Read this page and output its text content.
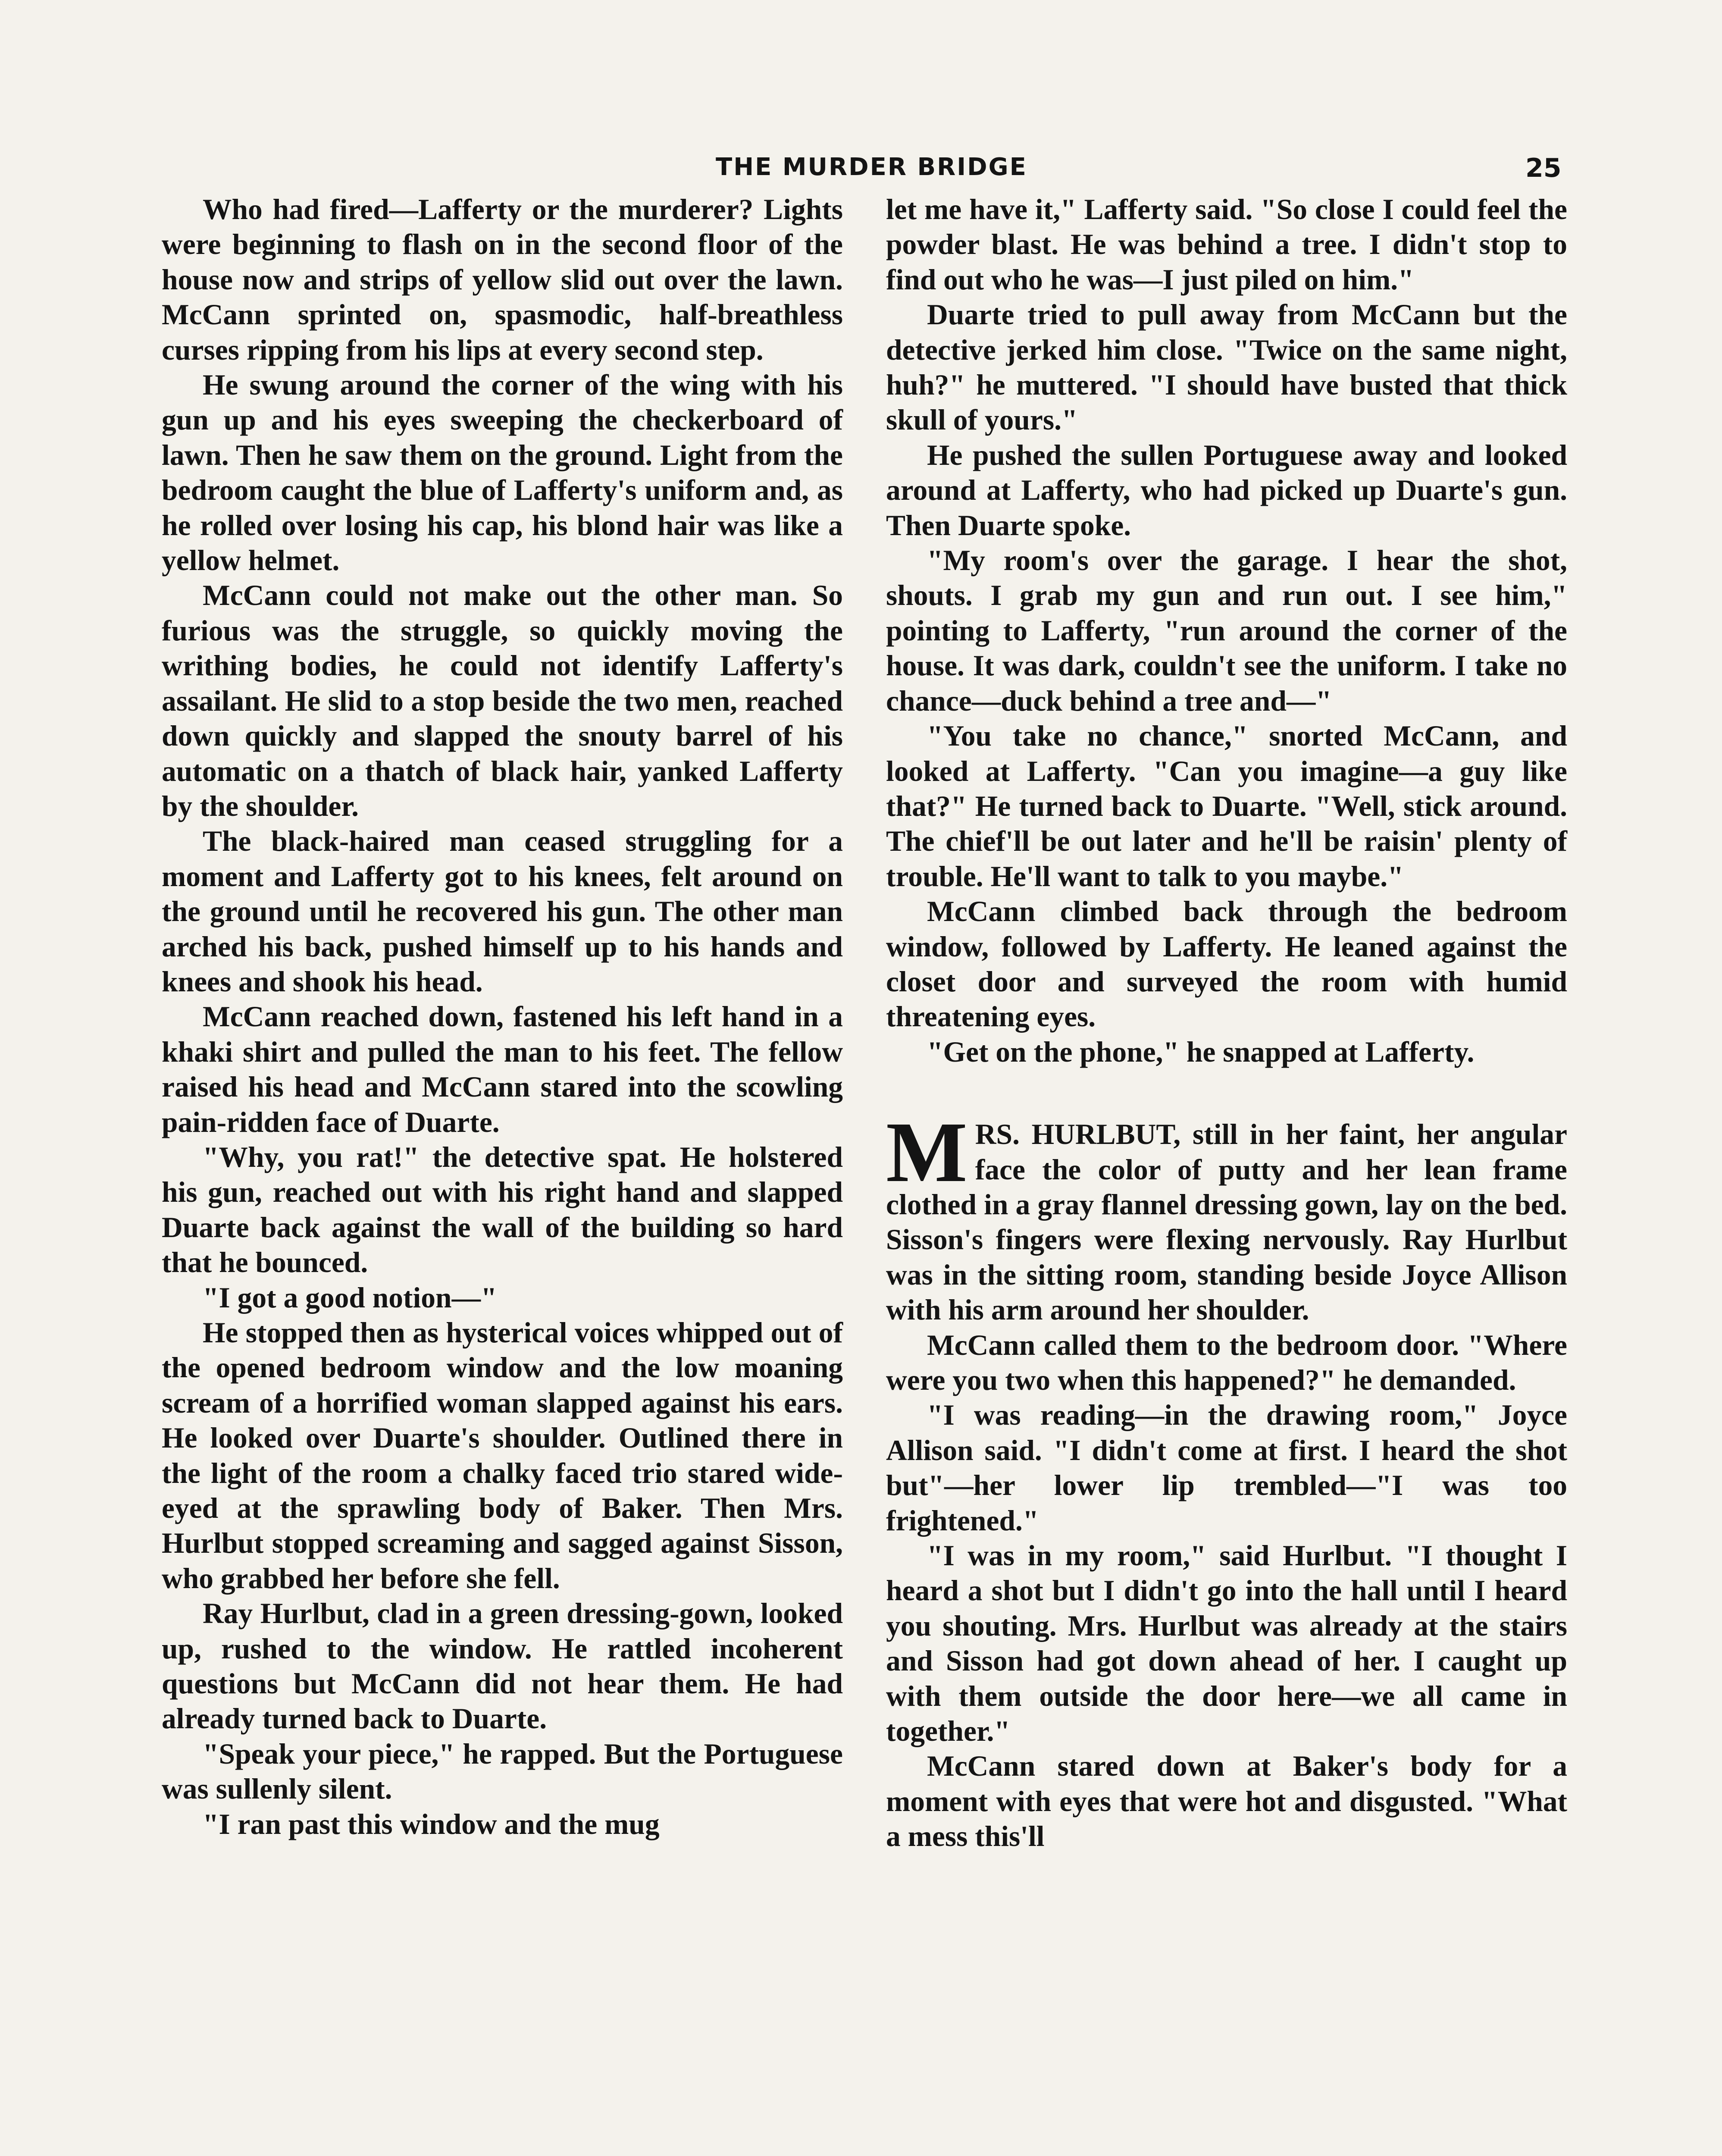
THE MURDER BRIDGE	25

Who had fired—Lafferty or the murderer? Lights were beginning to flash on in the second floor of the house now and strips of yellow slid out over the lawn. McCann sprinted on, spasmodic, half-breathless curses ripping from his lips at every second step.

He swung around the corner of the wing with his gun up and his eyes sweeping the checkerboard of lawn. Then he saw them on the ground. Light from the bedroom caught the blue of Lafferty's uniform and, as he rolled over losing his cap, his blond hair was like a yellow helmet.

McCann could not make out the other man. So furious was the struggle, so quickly moving the writhing bodies, he could not identify Lafferty's assailant. He slid to a stop beside the two men, reached down quickly and slapped the snouty barrel of his automatic on a thatch of black hair, yanked Lafferty by the shoulder.

The black-haired man ceased struggling for a moment and Lafferty got to his knees, felt around on the ground until he recovered his gun. The other man arched his back, pushed himself up to his hands and knees and shook his head.

McCann reached down, fastened his left hand in a khaki shirt and pulled the man to his feet. The fellow raised his head and McCann stared into the scowling pain-ridden face of Duarte.

"Why, you rat!" the detective spat. He holstered his gun, reached out with his right hand and slapped Duarte back against the wall of the building so hard that he bounced.

"I got a good notion—"

He stopped then as hysterical voices whipped out of the opened bedroom window and the low moaning scream of a horrified woman slapped against his ears. He looked over Duarte's shoulder. Outlined there in the light of the room a chalky faced trio stared wide-eyed at the sprawling body of Baker. Then Mrs. Hurlbut stopped screaming and sagged against Sisson, who grabbed her before she fell.

Ray Hurlbut, clad in a green dressing-gown, looked up, rushed to the window. He rattled incoherent questions but McCann did not hear them. He had already turned back to Duarte.

"Speak your piece," he rapped. But the Portuguese was sullenly silent.

"I ran past this window and the mug

let me have it," Lafferty said. "So close I could feel the powder blast. He was behind a tree. I didn't stop to find out who he was—I just piled on him."

Duarte tried to pull away from McCann but the detective jerked him close. "Twice on the same night, huh?" he muttered. "I should have busted that thick skull of yours."

He pushed the sullen Portuguese away and looked around at Lafferty, who had picked up Duarte's gun. Then Duarte spoke.

"My room's over the garage. I hear the shot, shouts. I grab my gun and run out. I see him," pointing to Lafferty, "run around the corner of the house. It was dark, couldn't see the uniform. I take no chance—duck behind a tree and—"

"You take no chance," snorted McCann, and looked at Lafferty. "Can you imagine—a guy like that?" He turned back to Duarte. "Well, stick around. The chief'll be out later and he'll be raisin' plenty of trouble. He'll want to talk to you maybe."

McCann climbed back through the bedroom window, followed by Lafferty. He leaned against the closet door and surveyed the room with humid threatening eyes.

"Get on the phone," he snapped at Lafferty.

MRS. HURLBUT, still in her faint, her angular face the color of putty and her lean frame clothed in a gray flannel dressing gown, lay on the bed. Sisson's fingers were flexing nervously. Ray Hurlbut was in the sitting room, standing beside Joyce Allison with his arm around her shoulder.

McCann called them to the bedroom door. "Where were you two when this happened?" he demanded.

"I was reading—in the drawing room," Joyce Allison said. "I didn't come at first. I heard the shot but"—her lower lip trembled—"I was too frightened."

"I was in my room," said Hurlbut. "I thought I heard a shot but I didn't go into the hall until I heard you shouting. Mrs. Hurlbut was already at the stairs and Sisson had got down ahead of her. I caught up with them outside the door here—we all came in together."

McCann stared down at Baker's body for a moment with eyes that were hot and disgusted. "What a mess this'll
